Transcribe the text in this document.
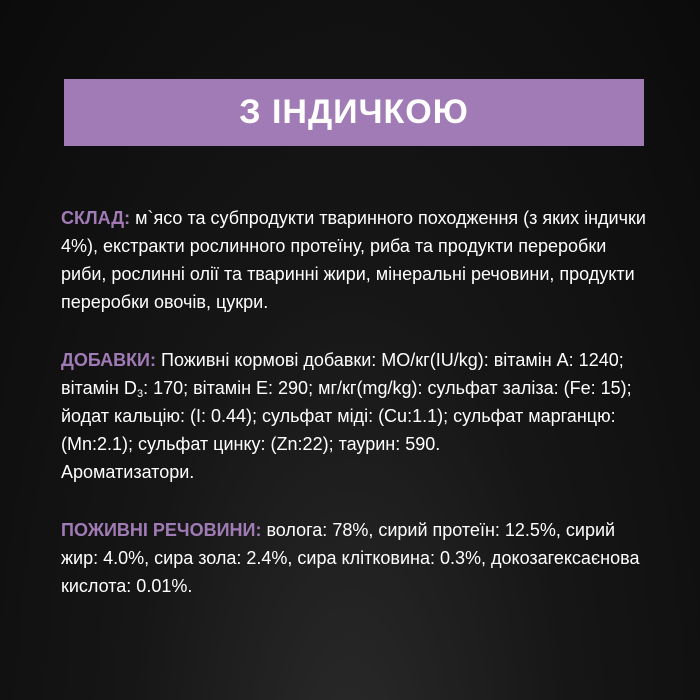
З ІНДИЧКОЮ

СКЛАД: м`ясо та субпродукти тваринного походження (з яких індички 4%), екстракти рослинного протеїну, риба та продукти переробки риби, рослинні олії та тваринні жири, мінеральні речовини, продукти переробки овочів, цукри.

ДОБАВКИ: Поживні кормові добавки: МО/кг(IU/kg): вітамін А: 1240; вітамін $D_3$: 170; вітамін Е: 290; мг/кг(mg/kg): сульфат заліза: (Fe: 15); йодат кальцію: (I: 0.44); сульфат міді: (Cu:1.1); сульфат марганцю: (Mn:2.1); сульфат цинку: (Zn:22); таурин: 590.
Ароматизатори.

ПОЖИВНІ РЕЧОВИНИ: волога: 78%, сирий протеїн: 12.5%, сирий жир: 4.0%, сира зола: 2.4%, сира клітковина: 0.3%, докозагексаєнова кислота: 0.01%.
